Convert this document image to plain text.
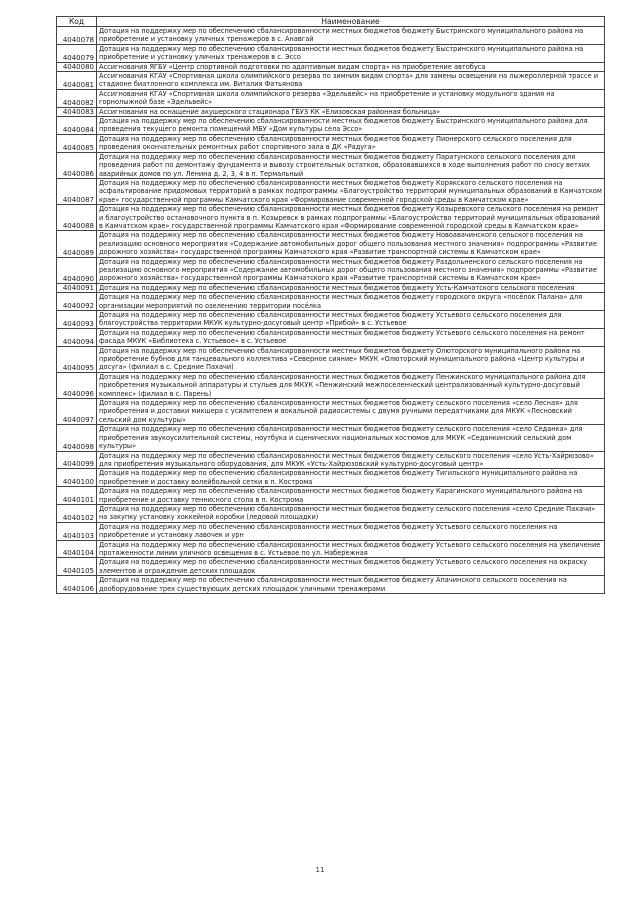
Код	Наименование
4040078	Дотация на поддержку мер по обеспечению сбалансированности местных бюджетов бюджету Быстринского муниципального района на приобретение и установку уличных тренажеров в с. Анавгай
4040079	Дотация на поддержку мер по обеспечению сбалансированности местных бюджетов бюджету Быстринского муниципального района на приобретение и установку уличных тренажеров в с. Эссо
4040080	Ассигнования ЯГБУ «Центр спортивной подготовки по адаптивным видам спорта» на приобретение автобуса
4040081	Ассигнования КГАУ «Спортивная школа олимпийского резерва по зимним видам спорта» для замены освещения на лыжероллерной трассе и стадионе биатлонного комплекса им. Виталия Фатьянова
4040082	Ассигнования КГАУ «Спортивная школа олимпийского резерва «Эдельвейс» на приобретение и установку модульного здания на горнолыжной базе «Эдельвейс»
4040083	Ассигнования на оснащение акушерского стационара ГБУЗ КК «Елизовская районная больница»
4040084	Дотация на поддержку мер по обеспечению сбалансированности местных бюджетов бюджету Быстринского муниципального района для проведения текущего ремонта помещений МБУ «Дом культуры села Эссо»
4040085	Дотация на поддержку мер по обеспечению сбалансированности местных бюджетов бюджету Пионерского сельского поселения для проведения окончательных ремонтных работ спортивного зала в ДК «Радуга»
4040086	Дотация на поддержку мер по обеспечению сбалансированности местных бюджетов бюджету Паратунского сельского поселения для проведения работ по демонтажу фундамента и вывозу строительных остатков, образовавшихся в ходе выполнения работ по сносу ветхих аварийных домов по ул. Ленина д. 2, 3, 4 в п. Термальный
4040087	Дотация на поддержку мер по обеспечению сбалансированности местных бюджетов бюджету Корякского сельского поселения на асфальтирование придомовых территорий в рамках подпрограммы «Благоустройство территорий муниципальных образований в Камчатском крае» государственной программы Камчатского края «Формирование современной городской среды в Камчатском крае»
4040088	Дотация на поддержку мер по обеспечению сбалансированности местных бюджетов бюджету Козыревского сельского поселения на ремонт и благоустройство остановочного пункта в п. Козыревск в рамках подпрограммы «Благоустройство территорий муниципальных образований в Камчатском крае» государственной программы Камчатского края «Формирование современной городской среды в Камчатском крае»
4040089	Дотация на поддержку мер по обеспечению сбалансированности местных бюджетов бюджету Новоавачинского сельского поселения на реализацию основного мероприятия «Содержание автомобильных дорог общего пользования местного значения» подпрограммы «Развитие дорожного хозяйства» государственной программы Камчатского края «Развитие транспортной системы в Камчатском крае»
4040090	Дотация на поддержку мер по обеспечению сбалансированности местных бюджетов бюджету Раздольненского сельского поселения на реализацию основного мероприятия «Содержание автомобильных дорог общего пользования местного значения» подпрограммы «Развитие дорожного хозяйства» государственной программы Камчатского края «Развитие транспортной системы в Камчатском крае»
4040091	Дотация на поддержку мер по обеспечению сбалансированности местных бюджетов бюджету Усть-Камчатского сельского поселения
4040092	Дотация на поддержку мер по обеспечению сбалансированности местных бюджетов бюджету городского округа «посёлок Палана» для организации мероприятий по озеленению территории посёлка
4040093	Дотация на поддержку мер по обеспечению сбалансированности местных бюджетов бюджету Устьевого сельского поселения для благоустройства территории МКУК культурно-досуговый центр «Прибой» в с. Устьевое
4040094	Дотация на поддержку мер по обеспечению сбалансированности местных бюджетов бюджету Устьевого сельского поселения на ремонт фасада МКУК «Библиотека с. Устьевое» в с. Устьевое
4040095	Дотация на поддержку мер по обеспечению сбалансированности местных бюджетов бюджету Олюторского муниципального района на приобретение бубнов для танцевального коллектива «Северное сияние» МКУК «Олюторский муниципального района «Центр культуры и досуга» (филиал в с. Средние Пахачи)
4040096	Дотация на поддержку мер по обеспечению сбалансированности местных бюджетов бюджету Пенжинского муниципального района для приобретения музыкальной аппаратуры и стульев для МКУК «Пенжинский межпоселенческий централизованный культурно-досуговый комплекс» (филиал в с. Парень)
4040097	Дотация на поддержку мер по обеспечению сбалансированности местных бюджетов бюджету сельского поселения «село Лесная» для приобретения и доставки микшера с усилителем и вокальной радиосистемы с двумя ручными передатчиками для МКУК «Лесновский сельский дом культуры»
4040098	Дотация на поддержку мер по обеспечению сбалансированности местных бюджетов бюджету сельского поселения «село Седанка» для приобретения звукоусилительной системы, ноутбука и сценических национальных костюмов для МКУК «Седанкинский сельский дом культуры»
4040099	Дотация на поддержку мер по обеспечению сбалансированности местных бюджетов бюджету сельского поселения «село Усть-Хайрюзово» для приобретения музыкального оборудования, для МКУК «Усть-Хайрюзовский культурно-досуговый центр»
4040100	Дотация на поддержку мер по обеспечению сбалансированности местных бюджетов бюджету Тигильского муниципального района на приобретение и доставку волейбольной сетки в п. Кострома
4040101	Дотация на поддержку мер по обеспечению сбалансированности местных бюджетов бюджету Карагинского муниципального района на приобретение и доставку теннисного стола в п. Кострома
4040102	Дотация на поддержку мер по обеспечению сбалансированности местных бюджетов бюджету сельского поселения «село Средние Пахачи» на закупку установку хоккейной коробки (ледовой площадки)
4040103	Дотация на поддержку мер по обеспечению сбалансированности местных бюджетов бюджету Устьевого сельского поселения на приобретение и установку лавочек и урн
4040104	Дотация на поддержку мер по обеспечению сбалансированности местных бюджетов бюджету Устьевого сельского поселения на увеличение протяженности линии уличного освещения в с. Устьевое по ул. Набережная
4040105	Дотация на поддержку мер по обеспечению сбалансированности местных бюджетов бюджету Устьевого сельского поселения на окраску элементов и ограждение детских площадок
4040106	Дотация на поддержку мер по обеспечению сбалансированности местных бюджетов бюджету Апачинского сельского поселения на дооборудование трех существующих детских площадок уличными тренажерами
11
